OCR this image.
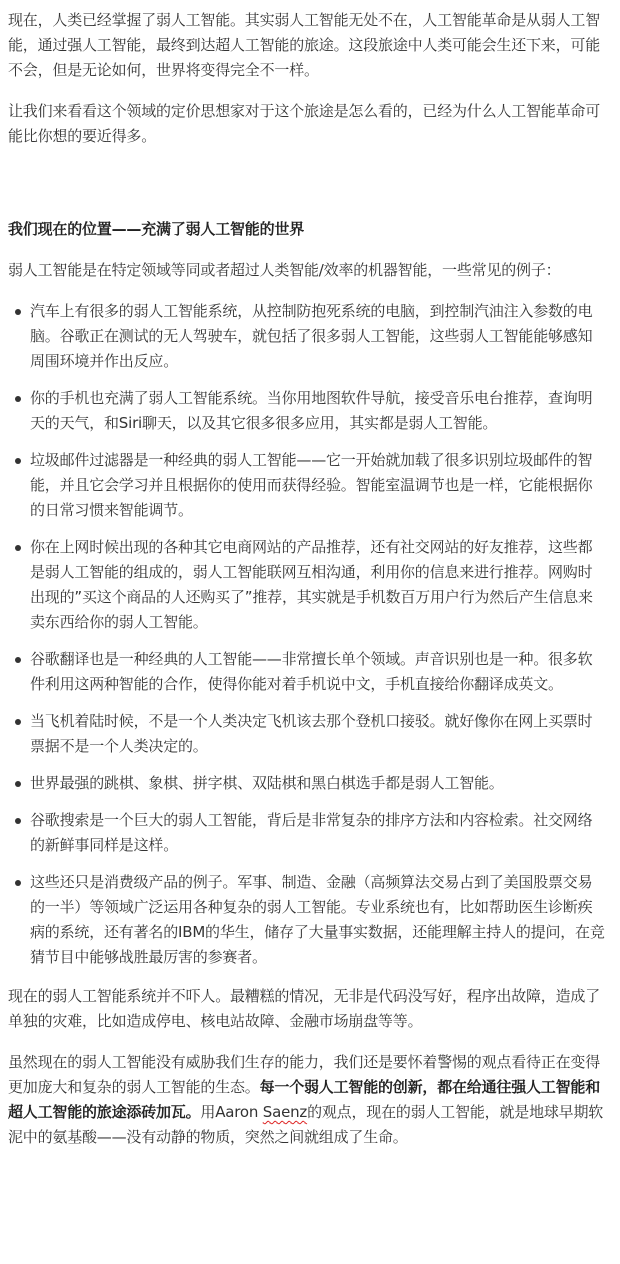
现在，人类已经掌握了弱人工智能。其实弱人工智能无处不在，人工智能革命是从弱人工智能，通过强人工智能，最终到达超人工智能的旅途。这段旅途中人类可能会生还下来，可能不会，但是无论如何，世界将变得完全不一样。

让我们来看看这个领域的定价思想家对于这个旅途是怎么看的，已经为什么人工智能革命可能比你想的要近得多。

我们现在的位置——充满了弱人工智能的世界

弱人工智能是在特定领域等同或者超过人类智能/效率的机器智能，一些常见的例子：

汽车上有很多的弱人工智能系统，从控制防抱死系统的电脑，到控制汽油注入参数的电脑。谷歌正在测试的无人驾驶车，就包括了很多弱人工智能，这些弱人工智能能够感知周围环境并作出反应。
你的手机也充满了弱人工智能系统。当你用地图软件导航，接受音乐电台推荐，查询明天的天气，和Siri聊天，以及其它很多很多应用，其实都是弱人工智能。
垃圾邮件过滤器是一种经典的弱人工智能——它一开始就加载了很多识别垃圾邮件的智能，并且它会学习并且根据你的使用而获得经验。智能室温调节也是一样，它能根据你的日常习惯来智能调节。
你在上网时候出现的各种其它电商网站的产品推荐，还有社交网站的好友推荐，这些都是弱人工智能的组成的，弱人工智能联网互相沟通，利用你的信息来进行推荐。网购时出现的”买这个商品的人还购买了”推荐，其实就是手机数百万用户行为然后产生信息来卖东西给你的弱人工智能。
谷歌翻译也是一种经典的人工智能——非常擅长单个领域。声音识别也是一种。很多软件利用这两种智能的合作，使得你能对着手机说中文，手机直接给你翻译成英文。
当飞机着陆时候，不是一个人类决定飞机该去那个登机口接驳。就好像你在网上买票时票据不是一个人类决定的。
世界最强的跳棋、象棋、拼字棋、双陆棋和黑白棋选手都是弱人工智能。
谷歌搜索是一个巨大的弱人工智能，背后是非常复杂的排序方法和内容检索。社交网络的新鲜事同样是这样。
这些还只是消费级产品的例子。军事、制造、金融（高频算法交易占到了美国股票交易的一半）等领域广泛运用各种复杂的弱人工智能。专业系统也有，比如帮助医生诊断疾病的系统，还有著名的IBM的华生，储存了大量事实数据，还能理解主持人的提问，在竞猜节目中能够战胜最厉害的参赛者。

现在的弱人工智能系统并不吓人。最糟糕的情况，无非是代码没写好，程序出故障，造成了单独的灾难，比如造成停电、核电站故障、金融市场崩盘等等。

虽然现在的弱人工智能没有威胁我们生存的能力，我们还是要怀着警惕的观点看待正在变得更加庞大和复杂的弱人工智能的生态。每一个弱人工智能的创新，都在给通往强人工智能和超人工智能的旅途添砖加瓦。用Aaron Saenz的观点，现在的弱人工智能，就是地球早期软泥中的氨基酸——没有动静的物质，突然之间就组成了生命。
